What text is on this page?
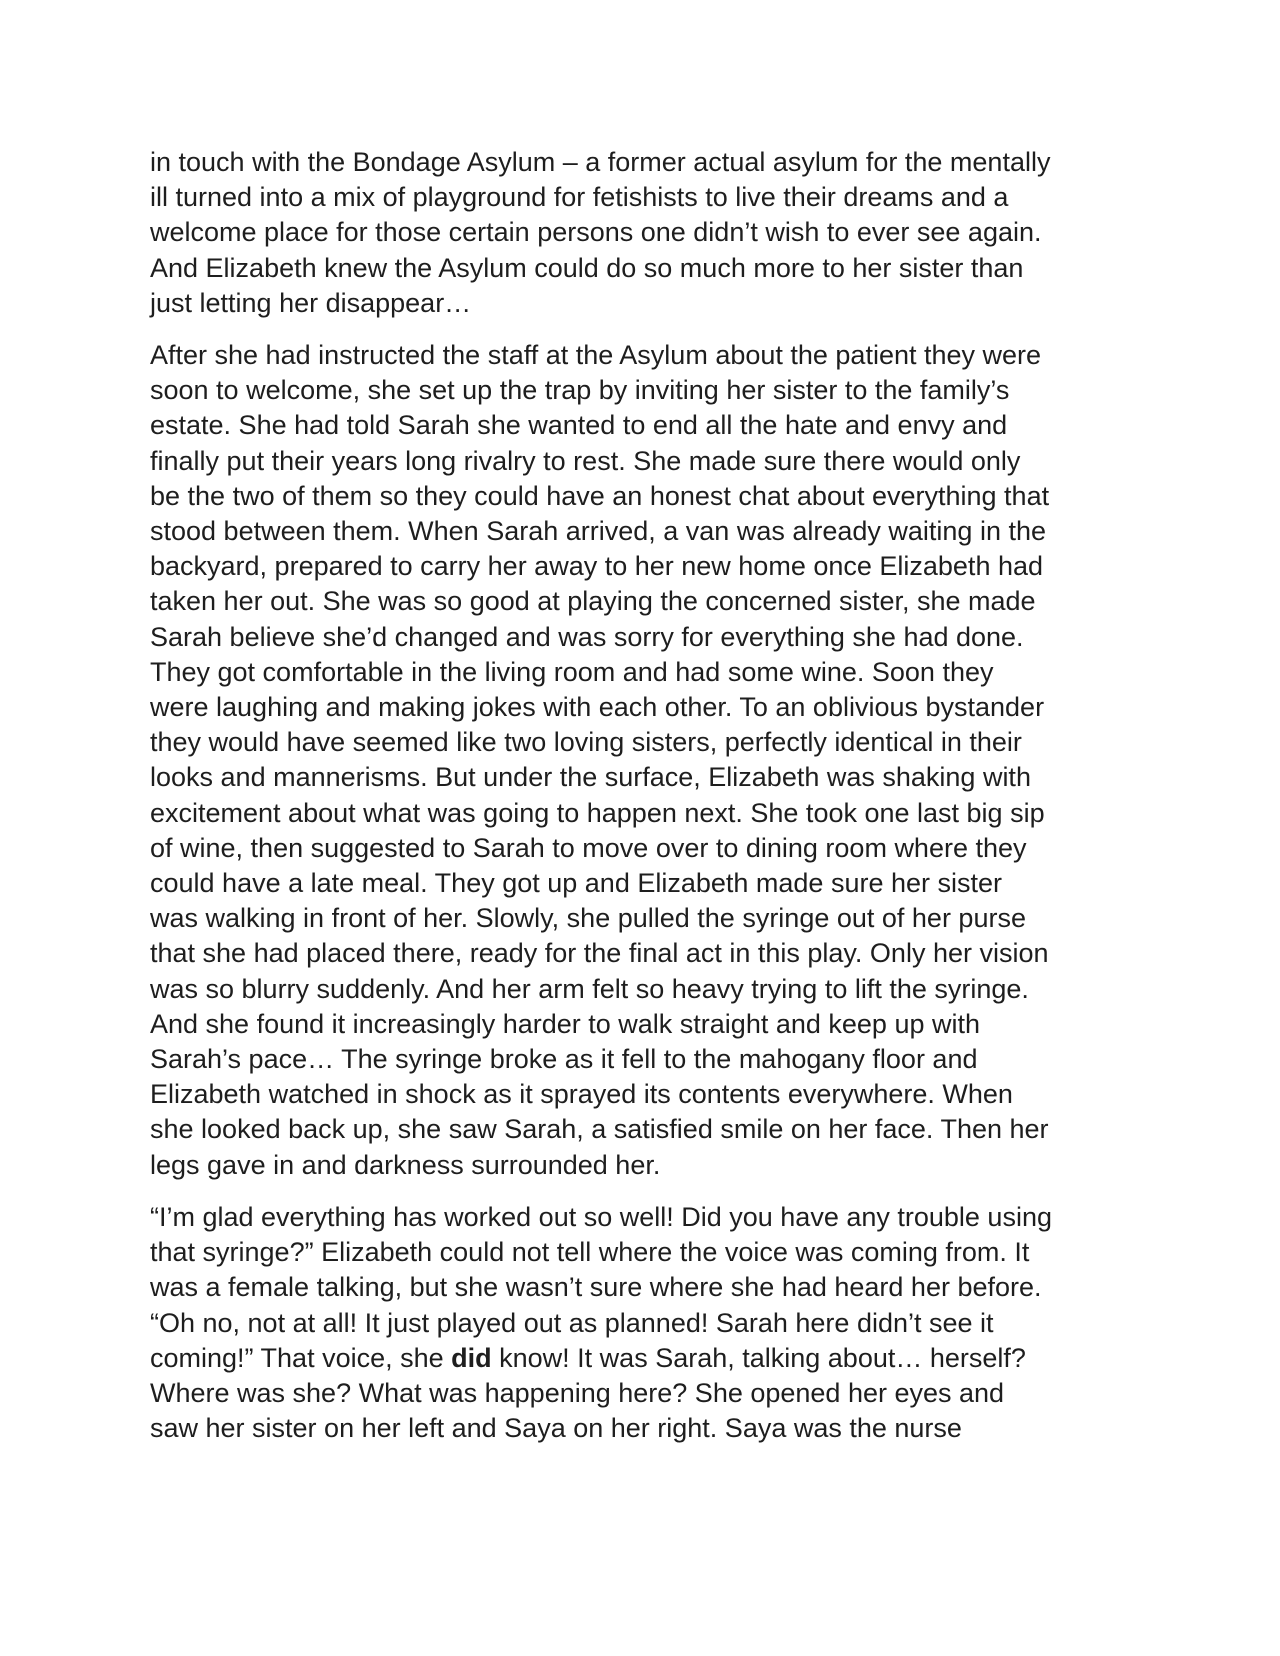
in touch with the Bondage Asylum – a former actual asylum for the mentally
ill turned into a mix of playground for fetishists to live their dreams and a
welcome place for those certain persons one didn’t wish to ever see again.
And Elizabeth knew the Asylum could do so much more to her sister than
just letting her disappear…

After she had instructed the staff at the Asylum about the patient they were
soon to welcome, she set up the trap by inviting her sister to the family’s
estate. She had told Sarah she wanted to end all the hate and envy and
finally put their years long rivalry to rest. She made sure there would only
be the two of them so they could have an honest chat about everything that
stood between them. When Sarah arrived, a van was already waiting in the
backyard, prepared to carry her away to her new home once Elizabeth had
taken her out. She was so good at playing the concerned sister, she made
Sarah believe she’d changed and was sorry for everything she had done.
They got comfortable in the living room and had some wine. Soon they
were laughing and making jokes with each other. To an oblivious bystander
they would have seemed like two loving sisters, perfectly identical in their
looks and mannerisms. But under the surface, Elizabeth was shaking with
excitement about what was going to happen next. She took one last big sip
of wine, then suggested to Sarah to move over to dining room where they
could have a late meal. They got up and Elizabeth made sure her sister
was walking in front of her. Slowly, she pulled the syringe out of her purse
that she had placed there, ready for the final act in this play. Only her vision
was so blurry suddenly. And her arm felt so heavy trying to lift the syringe.
And she found it increasingly harder to walk straight and keep up with
Sarah’s pace… The syringe broke as it fell to the mahogany floor and
Elizabeth watched in shock as it sprayed its contents everywhere. When
she looked back up, she saw Sarah, a satisfied smile on her face. Then her
legs gave in and darkness surrounded her.

“I’m glad everything has worked out so well! Did you have any trouble using
that syringe?” Elizabeth could not tell where the voice was coming from. It
was a female talking, but she wasn’t sure where she had heard her before.
“Oh no, not at all! It just played out as planned! Sarah here didn’t see it
coming!” That voice, she did know! It was Sarah, talking about… herself?
Where was she? What was happening here? She opened her eyes and
saw her sister on her left and Saya on her right. Saya was the nurse
